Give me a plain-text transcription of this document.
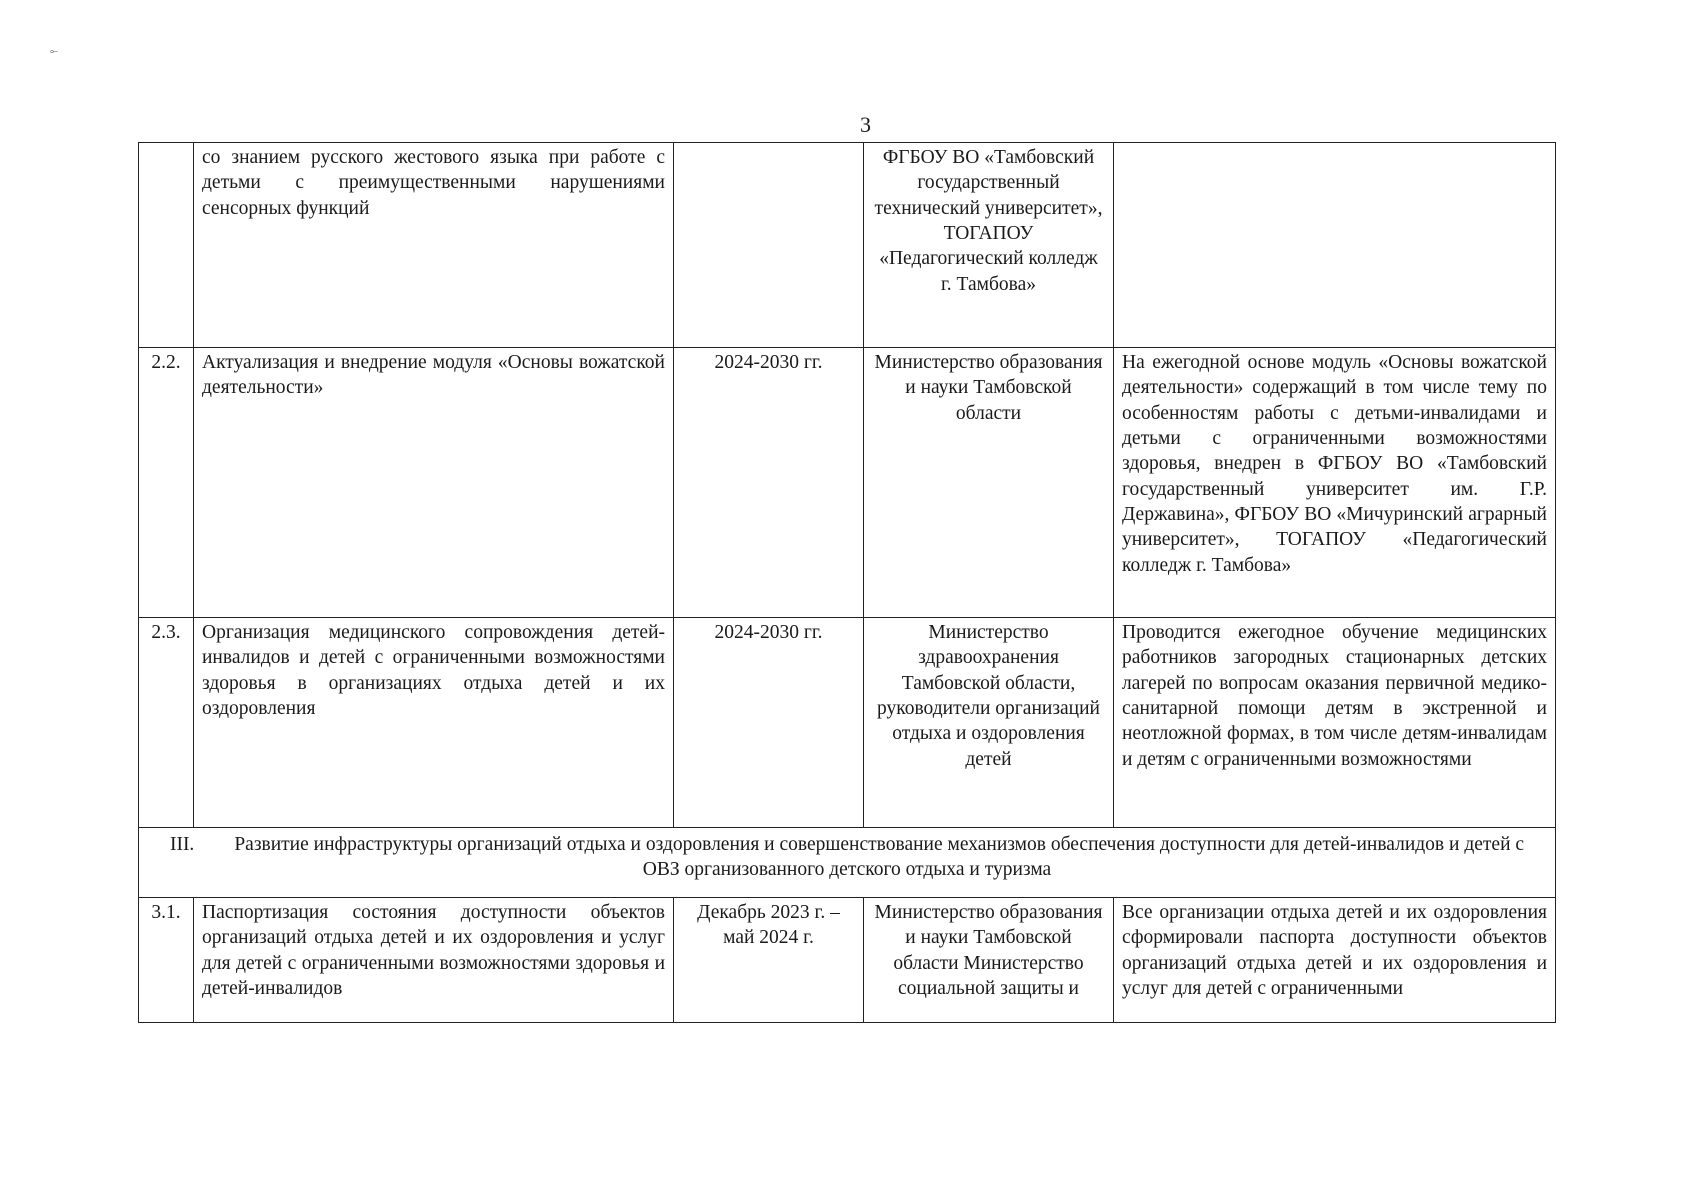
⟜
3
	со знанием русского жестового языка при работе с детьми с преимущественными нарушениями сенсорных функций		ФГБОУ ВО «Тамбовский государственный технический университет», ТОГАПОУ «Педагогический колледж г. Тамбова»	
2.2.	Актуализация и внедрение модуля «Основы вожатской деятельности»	2024-2030 гг.	Министерство образования и науки Тамбовской области	На ежегодной основе модуль «Основы вожатской деятельности» содержащий в том числе тему по особенностям работы с детьми-инвалидами и детьми с ограниченными возможностями здоровья, внедрен в ФГБОУ ВО «Тамбовский государственный университет им. Г.Р. Державина», ФГБОУ ВО «Мичуринский аграрный университет», ТОГАПОУ «Педагогический колледж г. Тамбова»
2.3.	Организация медицинского сопровождения детей-инвалидов и детей с ограниченными возможностями здоровья в организациях отдыха детей и их оздоровления	2024-2030 гг.	Министерство здравоохранения Тамбовской области, руководители организаций отдыха и оздоровления детей	Проводится ежегодное обучение медицинских работников загородных стационарных детских лагерей по вопросам оказания первичной медико-санитарной помощи детям в экстренной и неотложной формах, в том числе детям-инвалидам и детям с ограниченными возможностями
III. Развитие инфраструктуры организаций отдыха и оздоровления и совершенствование механизмов обеспечения доступности для детей-инвалидов и детей с ОВЗ организованного детского отдыха и туризма				
3.1.	Паспортизация состояния доступности объектов организаций отдыха детей и их оздоровления и услуг для детей с ограниченными возможностями здоровья и детей-инвалидов	Декабрь 2023 г. – май 2024 г.	Министерство образования и науки Тамбовской области Министерство социальной защиты и	Все организации отдыха детей и их оздоровления сформировали паспорта доступности объектов организаций отдыха детей и их оздоровления и услуг для детей с ограниченными
